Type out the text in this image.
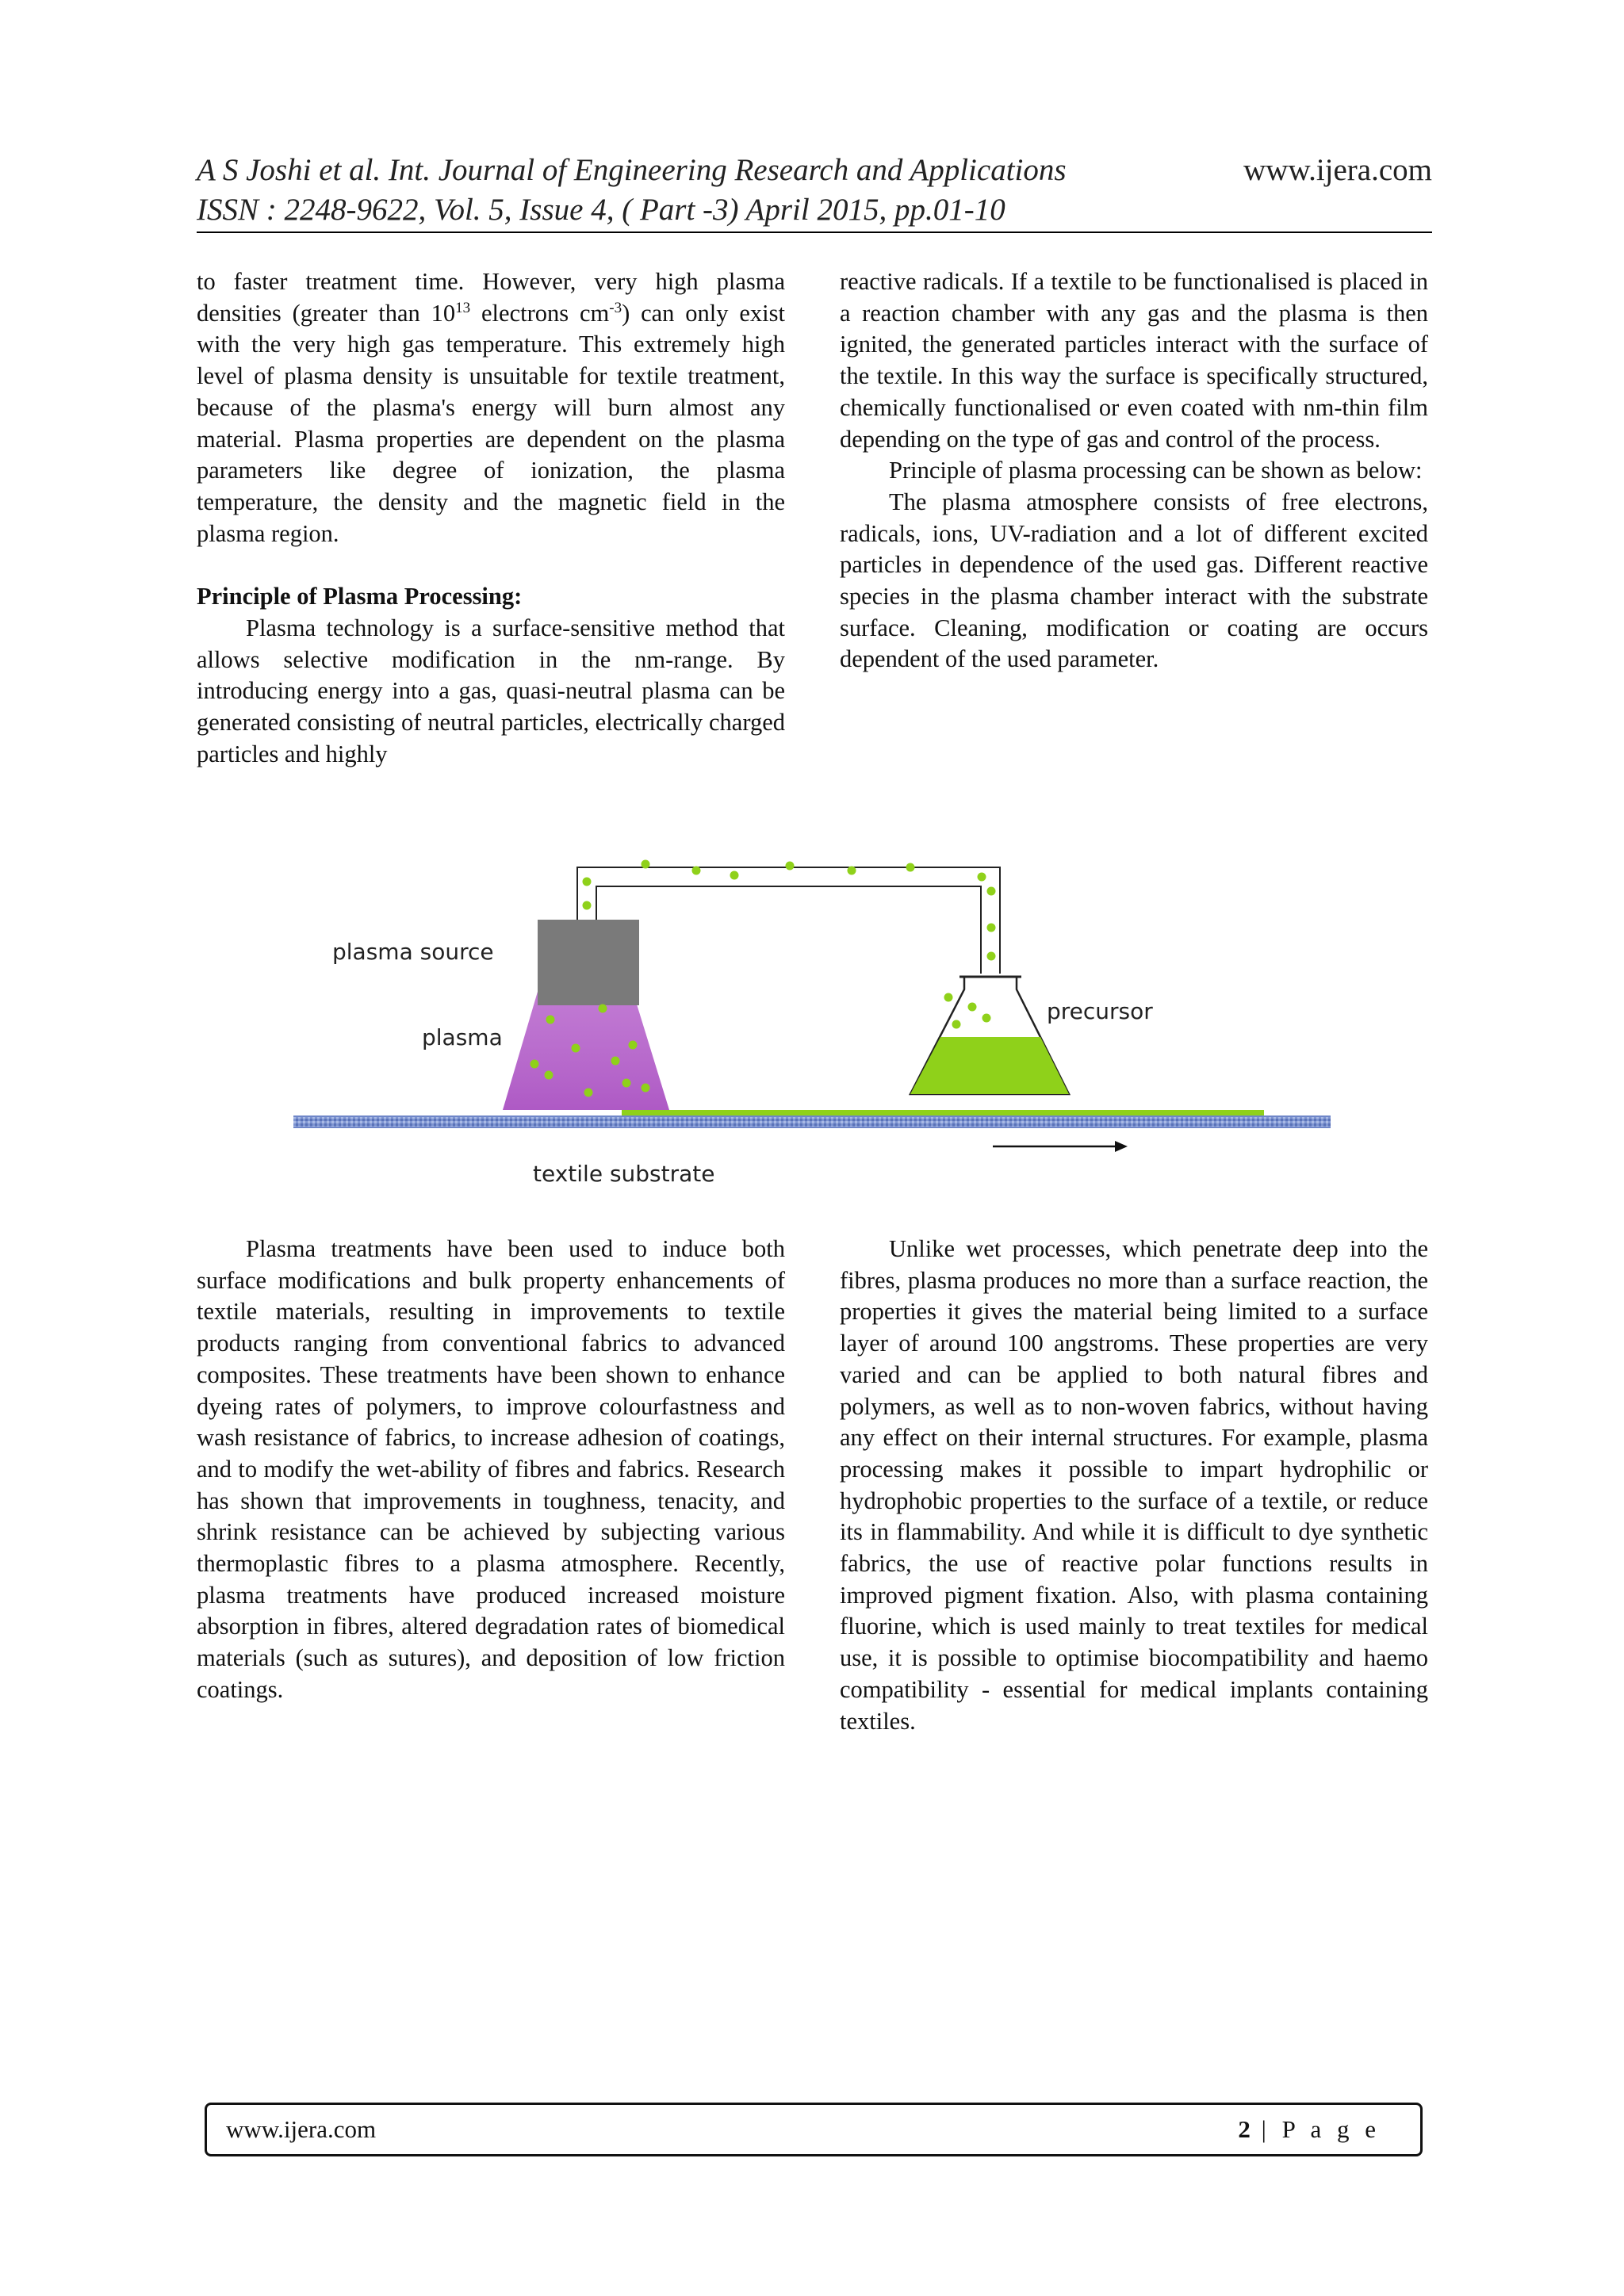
A S Joshi et al. Int. Journal of Engineering Research and Applications	www.ijera.com
ISSN : 2248-9622, Vol. 5, Issue 4, ( Part -3) April 2015, pp.01-10

to faster treatment time. However, very high plasma densities (greater than $10^{13}$ electrons $cm^{-3}$) can only exist with the very high gas temperature. This extremely high level of plasma density is unsuitable for textile treatment, because of the plasma's energy will burn almost any material. Plasma properties are dependent on the plasma parameters like degree of ionization, the plasma temperature, the density and the magnetic field in the plasma region.

Principle of Plasma Processing:

Plasma technology is a surface-sensitive method that allows selective modification in the nm-range. By introducing energy into a gas, quasi-neutral plasma can be generated consisting of neutral particles, electrically charged particles and highly

reactive radicals. If a textile to be functionalised is placed in a reaction chamber with any gas and the plasma is then ignited, the generated particles interact with the surface of the textile. In this way the surface is specifically structured, chemically functionalised or even coated with nm-thin film depending on the type of gas and control of the process.

Principle of plasma processing can be shown as below:

The plasma atmosphere consists of free electrons, radicals, ions, UV-radiation and a lot of different excited particles in dependence of the used gas. Different reactive species in the plasma chamber interact with the substrate surface. Cleaning, modification or coating are occurs dependent of the used parameter.

plasma source
plasma
precursor
textile substrate

Plasma treatments have been used to induce both surface modifications and bulk property enhancements of textile materials, resulting in improvements to textile products ranging from conventional fabrics to advanced composites. These treatments have been shown to enhance dyeing rates of polymers, to improve colourfastness and wash resistance of fabrics, to increase adhesion of coatings, and to modify the wet-ability of fibres and fabrics. Research has shown that improvements in toughness, tenacity, and shrink resistance can be achieved by subjecting various thermoplastic fibres to a plasma atmosphere. Recently, plasma treatments have produced increased moisture absorption in fibres, altered degradation rates of biomedical materials (such as sutures), and deposition of low friction coatings.

Unlike wet processes, which penetrate deep into the fibres, plasma produces no more than a surface reaction, the properties it gives the material being limited to a surface layer of around 100 angstroms. These properties are very varied and can be applied to both natural fibres and polymers, as well as to non-woven fabrics, without having any effect on their internal structures. For example, plasma processing makes it possible to impart hydrophilic or hydrophobic properties to the surface of a textile, or reduce its in flammability. And while it is difficult to dye synthetic fabrics, the use of reactive polar functions results in improved pigment fixation. Also, with plasma containing fluorine, which is used mainly to treat textiles for medical use, it is possible to optimise biocompatibility and haemo compatibility - essential for medical implants containing textiles.

www.ijera.com	2 | P a g e
